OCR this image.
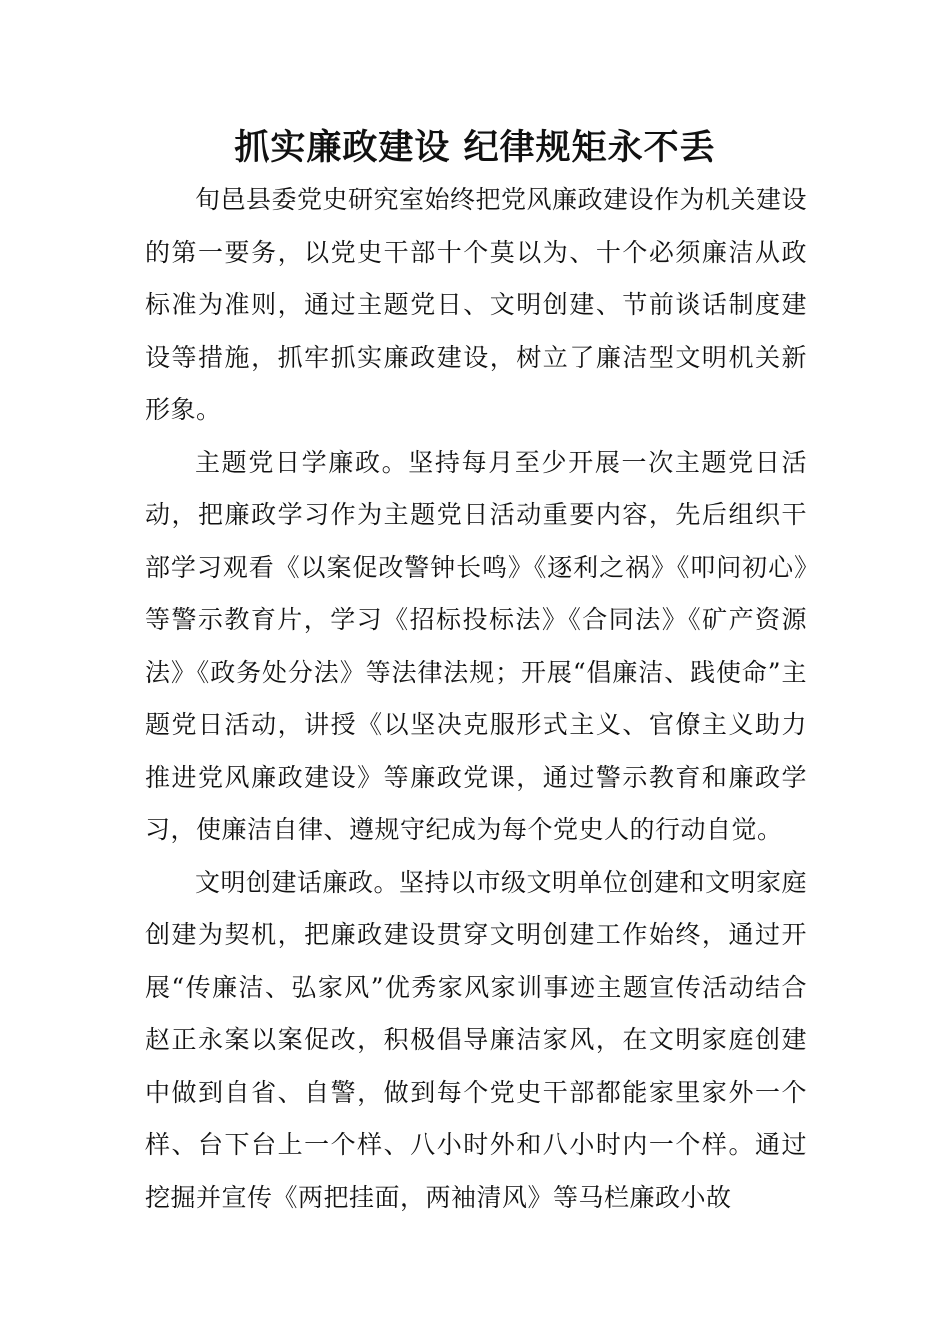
抓实廉政建设 纪律规矩永不丢

旬邑县委党史研究室始终把党风廉政建设作为机关建设的第一要务，以党史干部十个莫以为、十个必须廉洁从政标准为准则，通过主题党日、文明创建、节前谈话制度建设等措施，抓牢抓实廉政建设，树立了廉洁型文明机关新形象。

主题党日学廉政。坚持每月至少开展一次主题党日活动，把廉政学习作为主题党日活动重要内容，先后组织干部学习观看《以案促改警钟长鸣》《逐利之祸》《叩问初心》等警示教育片，学习《招标投标法》《合同法》《矿产资源法》《政务处分法》等法律法规；开展“倡廉洁、践使命”主题党日活动，讲授《以坚决克服形式主义、官僚主义助力推进党风廉政建设》等廉政党课，通过警示教育和廉政学习，使廉洁自律、遵规守纪成为每个党史人的行动自觉。

文明创建话廉政。坚持以市级文明单位创建和文明家庭创建为契机，把廉政建设贯穿文明创建工作始终，通过开展“传廉洁、弘家风”优秀家风家训事迹主题宣传活动结合赵正永案以案促改，积极倡导廉洁家风，在文明家庭创建中做到自省、自警，做到每个党史干部都能家里家外一个样、台下台上一个样、八小时外和八小时内一个样。通过挖掘并宣传《两把挂面，两袖清风》等马栏廉政小故
